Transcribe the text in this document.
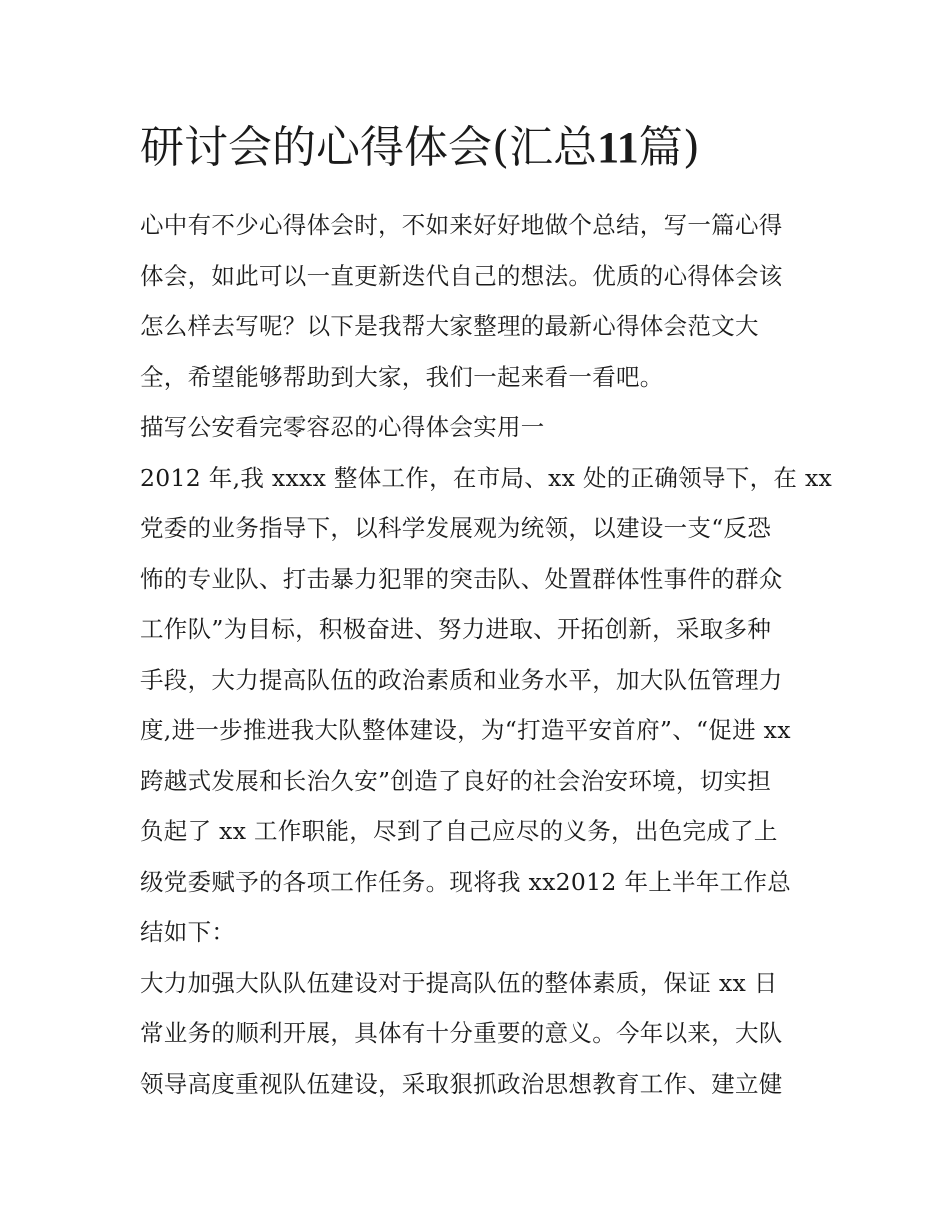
研讨会的心得体会(汇总11篇)
心中有不少心得体会时，不如来好好地做个总结，写一篇心得
体会，如此可以一直更新迭代自己的想法。优质的心得体会该
怎么样去写呢？以下是我帮大家整理的最新心得体会范文大
全，希望能够帮助到大家，我们一起来看一看吧。
描写公安看完零容忍的心得体会实用一
2012 年,我 xxxx 整体工作，在市局、xx 处的正确领导下，在 xx
党委的业务指导下，以科学发展观为统领，以建设一支“反恐
怖的专业队、打击暴力犯罪的突击队、处置群体性事件的群众
工作队”为目标，积极奋进、努力进取、开拓创新，采取多种
手段，大力提高队伍的政治素质和业务水平，加大队伍管理力
度,进一步推进我大队整体建设，为“打造平安首府”、“促进 xx
跨越式发展和长治久安”创造了良好的社会治安环境，切实担
负起了 xx 工作职能，尽到了自己应尽的义务，出色完成了上
级党委赋予的各项工作任务。现将我 xx2012 年上半年工作总
结如下：
大力加强大队队伍建设对于提高队伍的整体素质，保证 xx 日
常业务的顺利开展，具体有十分重要的意义。今年以来，大队
领导高度重视队伍建设，采取狠抓政治思想教育工作、建立健
